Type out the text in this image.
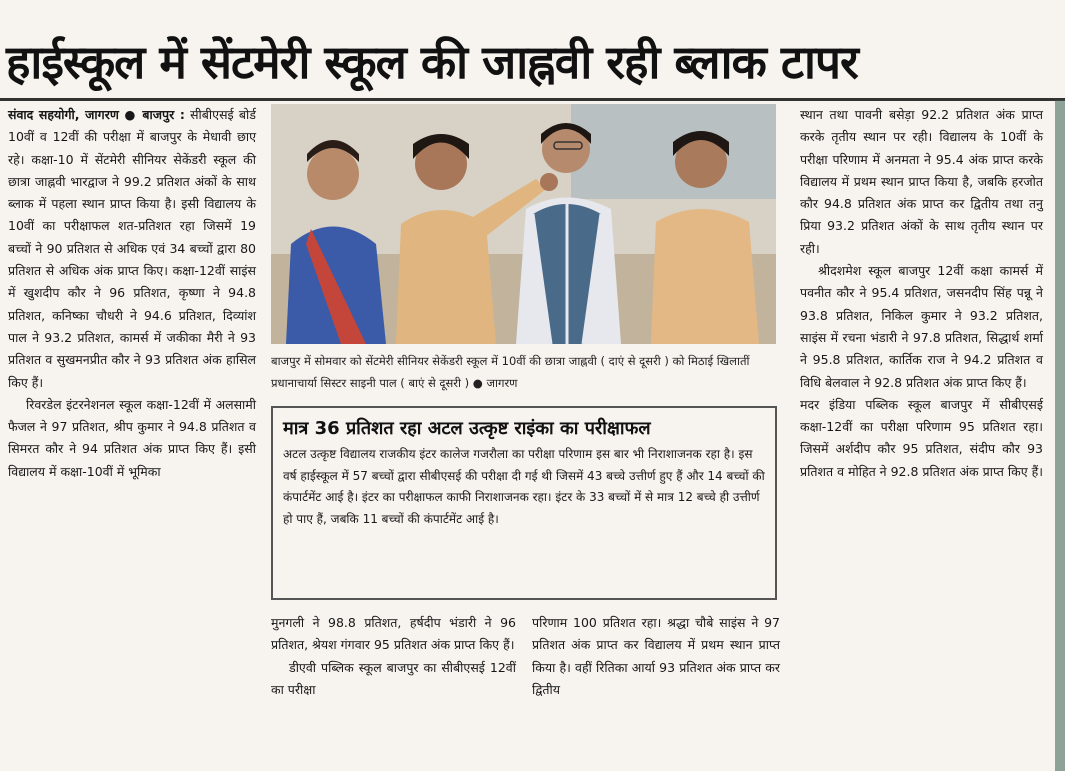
हाईस्कूल में सेंटमेरी स्कूल की जाह्नवी रही ब्लाक टापर

संवाद सहयोगी, जागरण ● बाजपुर : सीबीएसई बोर्ड 10वीं व 12वीं की परीक्षा में बाजपुर के मेधावी छाए रहे। कक्षा-10 में सेंटमेरी सीनियर सेकेंडरी स्कूल की छात्रा जाह्नवी भारद्वाज ने 99.2 प्रतिशत अंकों के साथ ब्लाक में पहला स्थान प्राप्त किया है। इसी विद्यालय के 10वीं का परीक्षाफल शत-प्रतिशत रहा जिसमें 19 बच्चों ने 90 प्रतिशत से अधिक एवं 34 बच्चों द्वारा 80 प्रतिशत से अधिक अंक प्राप्त किए। कक्षा-12वीं साइंस में खुशदीप कौर ने 96 प्रतिशत, कृष्णा ने 94.8 प्रतिशत, कनिष्का चौधरी ने 94.6 प्रतिशत, दिव्यांश पाल ने 93.2 प्रतिशत, कामर्स में जकीका मैरी ने 93 प्रतिशत व सुखमनप्रीत कौर ने 93 प्रतिशत अंक हासिल किए हैं।

रिवरडेल इंटरनेशनल स्कूल कक्षा-12वीं में अलसामी फैजल ने 97 प्रतिशत, श्रीप कुमार ने 94.8 प्रतिशत व सिमरत कौर ने 94 प्रतिशत अंक प्राप्त किए हैं। इसी विद्यालय में कक्षा-10वीं में भूमिका

बाजपुर में सोमवार को सेंटमेरी सीनियर सेकेंडरी स्कूल में 10वीं की छात्रा जाह्नवी ( दाएं से दूसरी ) को मिठाई खिलातीं प्रधानाचार्या सिस्टर साइनी पाल ( बाएं से दूसरी ) ● जागरण
मात्र 36 प्रतिशत रहा अटल उत्कृष्ट राइंका का परीक्षाफल
अटल उत्कृष्ट विद्यालय राजकीय इंटर कालेज गजरौला का परीक्षा परिणाम इस बार भी निराशाजनक रहा है। इस वर्ष हाईस्कूल में 57 बच्चों द्वारा सीबीएसई की परीक्षा दी गई थी जिसमें 43 बच्चे उत्तीर्ण हुए हैं और 14 बच्चों की कंपार्टमेंट आई है। इंटर का परीक्षाफल काफी निराशाजनक रहा। इंटर के 33 बच्चों में से मात्र 12 बच्चे ही उत्तीर्ण हो पाए हैं, जबकि 11 बच्चों की कंपार्टमेंट आई है।

मुनगली ने 98.8 प्रतिशत, हर्षदीप भंडारी ने 96 प्रतिशत, श्रेयश गंगवार 95 प्रतिशत अंक प्राप्त किए हैं।

डीएवी पब्लिक स्कूल बाजपुर का सीबीएसई 12वीं का परीक्षा

परिणाम 100 प्रतिशत रहा। श्रद्धा चौबे साइंस ने 97 प्रतिशत अंक प्राप्त कर विद्यालय में प्रथम स्थान प्राप्त किया है। वहीं रितिका आर्या 93 प्रतिशत अंक प्राप्त कर द्वितीय

स्थान तथा पावनी बसेड़ा 92.2 प्रतिशत अंक प्राप्त करके तृतीय स्थान पर रही। विद्यालय के 10वीं के परीक्षा परिणाम में अनमता ने 95.4 अंक प्राप्त करके विद्यालय में प्रथम स्थान प्राप्त किया है, जबकि हरजोत कौर 94.8 प्रतिशत अंक प्राप्त कर द्वितीय तथा तनु प्रिया 93.2 प्रतिशत अंकों के साथ तृतीय स्थान पर रही।

श्रीदशमेश स्कूल बाजपुर 12वीं कक्षा कामर्स में पवनीत कौर ने 95.4 प्रतिशत, जसनदीप सिंह पन्नू ने 93.8 प्रतिशत, निकिल कुमार ने 93.2 प्रतिशत, साइंस में रचना भंडारी ने 97.8 प्रतिशत, सिद्धार्थ शर्मा ने 95.8 प्रतिशत, कार्तिक राज ने 94.2 प्रतिशत व विधि बेलवाल ने 92.8 प्रतिशत अंक प्राप्त किए हैं।

मदर इंडिया पब्लिक स्कूल बाजपुर में सीबीएसई कक्षा-12वीं का परीक्षा परिणाम 95 प्रतिशत रहा। जिसमें अर्शदीप कौर 95 प्रतिशत, संदीप कौर 93 प्रतिशत व मोहित ने 92.8 प्रतिशत अंक प्राप्त किए हैं।
